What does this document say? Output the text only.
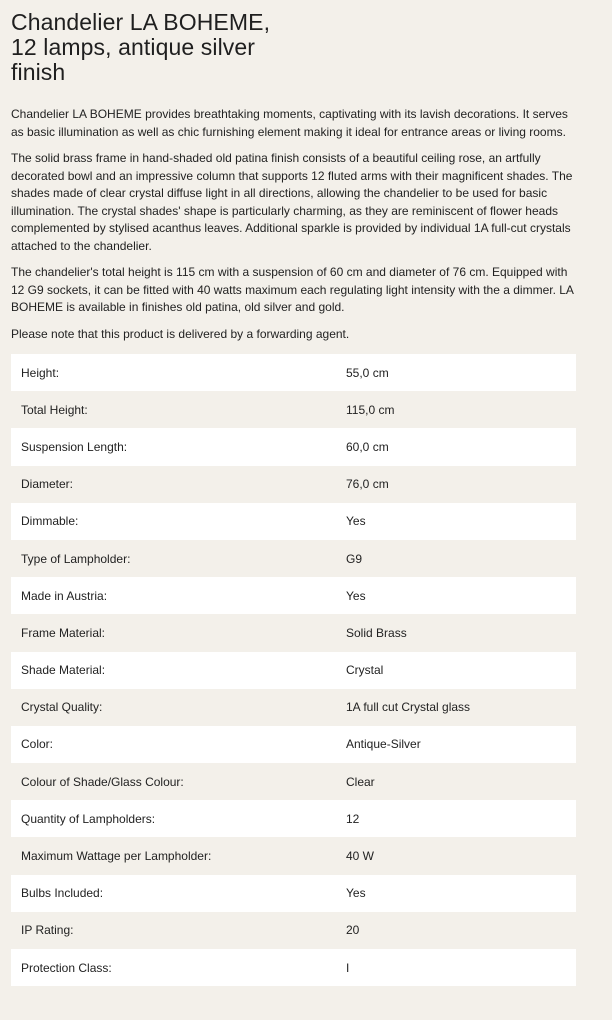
Chandelier LA BOHEME, 12 lamps, antique silver finish

Chandelier LA BOHEME provides breathtaking moments, captivating with its lavish decorations. It serves as basic illumination as well as chic furnishing element making it ideal for entrance areas or living rooms.

The solid brass frame in hand-shaded old patina finish consists of a beautiful ceiling rose, an artfully decorated bowl and an impressive column that supports 12 fluted arms with their magnificent shades. The shades made of clear crystal diffuse light in all directions, allowing the chandelier to be used for basic illumination. The crystal shades' shape is particularly charming, as they are reminiscent of flower heads complemented by stylised acanthus leaves. Additional sparkle is provided by individual 1A full-cut crystals attached to the chandelier.

The chandelier's total height is 115 cm with a suspension of 60 cm and diameter of 76 cm. Equipped with 12 G9 sockets, it can be fitted with 40 watts maximum each regulating light intensity with the a dimmer. LA BOHEME is available in finishes old patina, old silver and gold.

Please note that this product is delivered by a forwarding agent.

Height:	55,0 cm
Total Height:	115,0 cm
Suspension Length:	60,0 cm
Diameter:	76,0 cm
Dimmable:	Yes
Type of Lampholder:	G9
Made in Austria:	Yes
Frame Material:	Solid Brass
Shade Material:	Crystal
Crystal Quality:	1A full cut Crystal glass
Color:	Antique-Silver
Colour of Shade/Glass Colour:	Clear
Quantity of Lampholders:	12
Maximum Wattage per Lampholder:	40 W
Bulbs Included:	Yes
IP Rating:	20
Protection Class:	I
